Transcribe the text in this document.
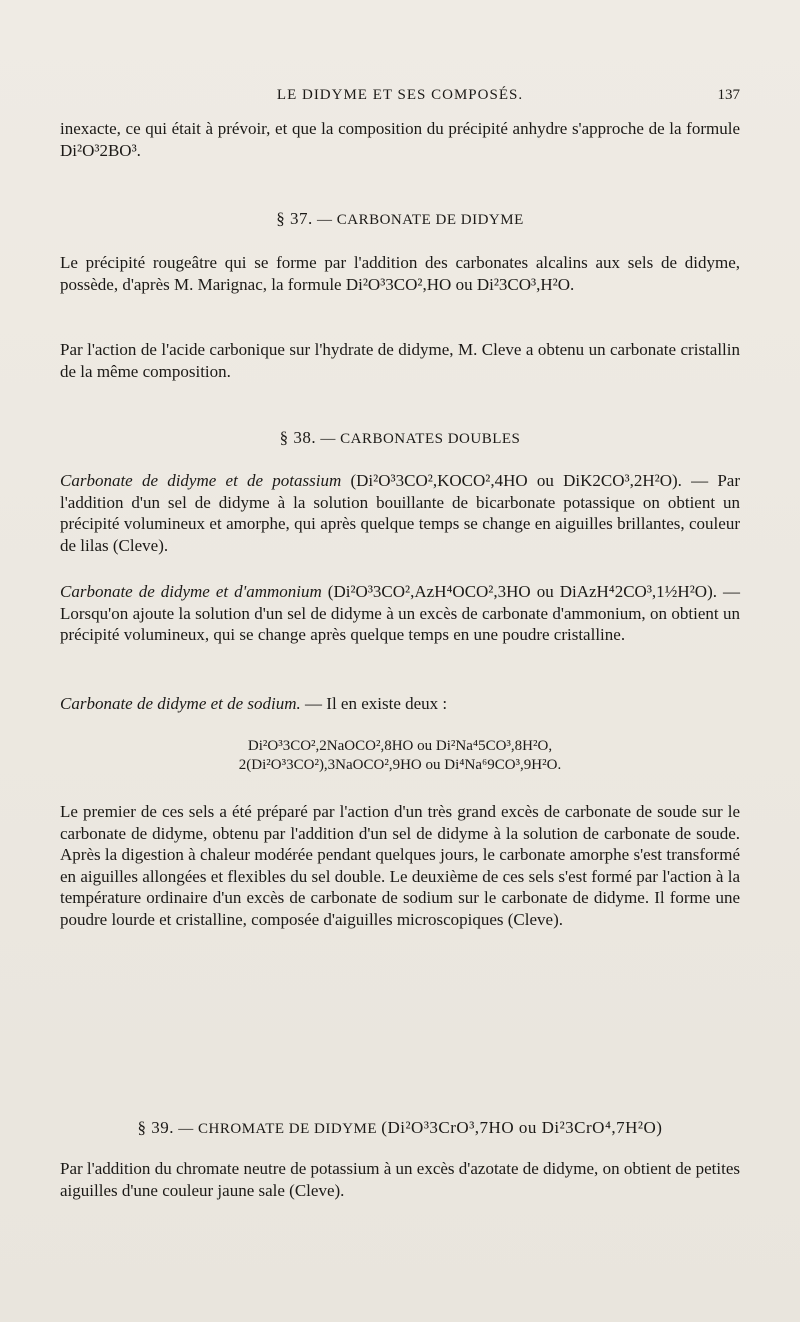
LE DIDYME ET SES COMPOSÉS.	137
inexacte, ce qui était à prévoir, et que la composition du précipité anhydre s'approche de la formule Di²O³2BO³.
§ 37. — CARBONATE DE DIDYME
Le précipité rougeâtre qui se forme par l'addition des carbonates alcalins aux sels de didyme, possède, d'après M. Marignac, la formule Di²O³3CO²,HO ou Di²3CO³,H²O.
Par l'action de l'acide carbonique sur l'hydrate de didyme, M. Cleve a obtenu un carbonate cristallin de la même composition.
§ 38. — CARBONATES DOUBLES
Carbonate de didyme et de potassium (Di²O³3CO²,KOCO²,4HO ou DiK2CO³,2H²O). — Par l'addition d'un sel de didyme à la solution bouillante de bicarbonate potassique on obtient un précipité volumineux et amorphe, qui après quelque temps se change en aiguilles brillantes, couleur de lilas (Cleve).
Carbonate de didyme et d'ammonium (Di²O³3CO²,AzH⁴OCO²,3HO ou DiAzH⁴2CO³,1½H²O). — Lorsqu'on ajoute la solution d'un sel de didyme à un excès de carbonate d'ammonium, on obtient un précipité volumineux, qui se change après quelque temps en une poudre cristalline.
Carbonate de didyme et de sodium. — Il en existe deux :
Di²O³3CO²,2NaOCO²,8HO ou Di²Na⁴5CO³,8H²O,
2(Di²O³3CO²),3NaOCO²,9HO ou Di⁴Na⁶9CO³,9H²O.
Le premier de ces sels a été préparé par l'action d'un très grand excès de carbonate de soude sur le carbonate de didyme, obtenu par l'addition d'un sel de didyme à la solution de carbonate de soude. Après la digestion à chaleur modérée pendant quelques jours, le carbonate amorphe s'est transformé en aiguilles allongées et flexibles du sel double. Le deuxième de ces sels s'est formé par l'action à la température ordinaire d'un excès de carbonate de sodium sur le carbonate de didyme. Il forme une poudre lourde et cristalline, composée d'aiguilles microscopiques (Cleve).
§ 39. — CHROMATE DE DIDYME (Di²O³3CrO³,7HO ou Di²3CrO⁴,7H²O)
Par l'addition du chromate neutre de potassium à un excès d'azotate de didyme, on obtient de petites aiguilles d'une couleur jaune sale (Cleve).
